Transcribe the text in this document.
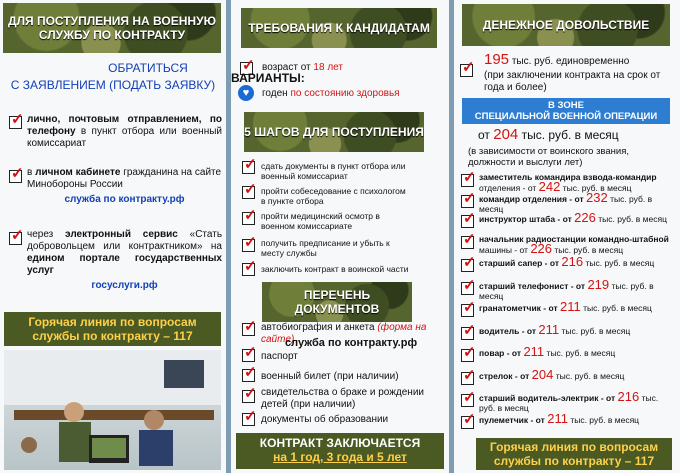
ДЛЯ ПОСТУПЛЕНИЯ НА ВОЕННУЮ СЛУЖБУ ПО КОНТРАКТУ
ОБРАТИТЬСЯ
С ЗАЯВЛЕНИЕМ (ПОДАТЬ ЗАЯВКУ)
✓
лично, почтовым отправлением, по телефону в пункт отбора или военный комиссариат
✓
в личном кабинете гражданина на сайте Минобороны России
служба по контракту.рф
✓
через электронный сервис «Стать добровольцем или контрактником» на едином портале государственных услуг
госуслуги.рф
Горячая линия по вопросам службы по контракту – 117
ТРЕБОВАНИЯ К КАНДИДАТАМ
✓
возраст от 18 лет
ВАРИАНТЫ:
♥	годен по состоянию здоровья
5 ШАГОВ ДЛЯ ПОСТУПЛЕНИЯ
✓
сдать документы в пункт отбора или военный комиссариат
✓
пройти собеседование с психологом в пункте отбора
✓
пройти медицинский осмотр в военном комиссариате
✓
получить предписание и убыть к месту службы
✓
заключить контракт в воинской части
ПЕРЕЧЕНЬ ДОКУМЕНТОВ
✓
автобиография и анкета (форма на сайте)
служба по контракту.рф
✓
паспорт
✓
военный билет (при наличии)
✓
свидетельства о браке и рождении детей (при наличии)
✓
документы об образовании
КОНТРАКТ ЗАКЛЮЧАЕТСЯ
на 1 год, 3 года и 5 лет
ДЕНЕЖНОЕ ДОВОЛЬСТВИЕ
✓
195 тыс. руб. единовременно
(при заключении контракта на срок от года и более)
В ЗОНЕ
СПЕЦИАЛЬНОЙ ВОЕННОЙ ОПЕРАЦИИ
от 204 тыс. руб. в месяц
(в зависимости от воинского звания, должности и выслуги лет)
✓
заместитель командира взвода-командир
отделения - от 242 тыс. руб. в месяц
✓
командир отделения - от 232 тыс. руб. в месяц
✓
инструктор штаба - от 226 тыс. руб. в месяц
✓
начальник радиостанции командно-штабной
машины - от 226 тыс. руб. в месяц
✓
старший сапер - от 216 тыс. руб. в месяц
✓
старший телефонист - от 219 тыс. руб. в месяц
✓
гранатометчик - от 211 тыс. руб. в месяц
✓
водитель - от 211 тыс. руб. в месяц
✓
повар - от 211 тыс. руб. в месяц
✓
стрелок - от 204 тыс. руб. в месяц
✓
старший водитель-электрик - от 216 тыс. руб. в месяц
✓
пулеметчик - от 211 тыс. руб. в месяц
Горячая линия по вопросам службы по контракту – 117
